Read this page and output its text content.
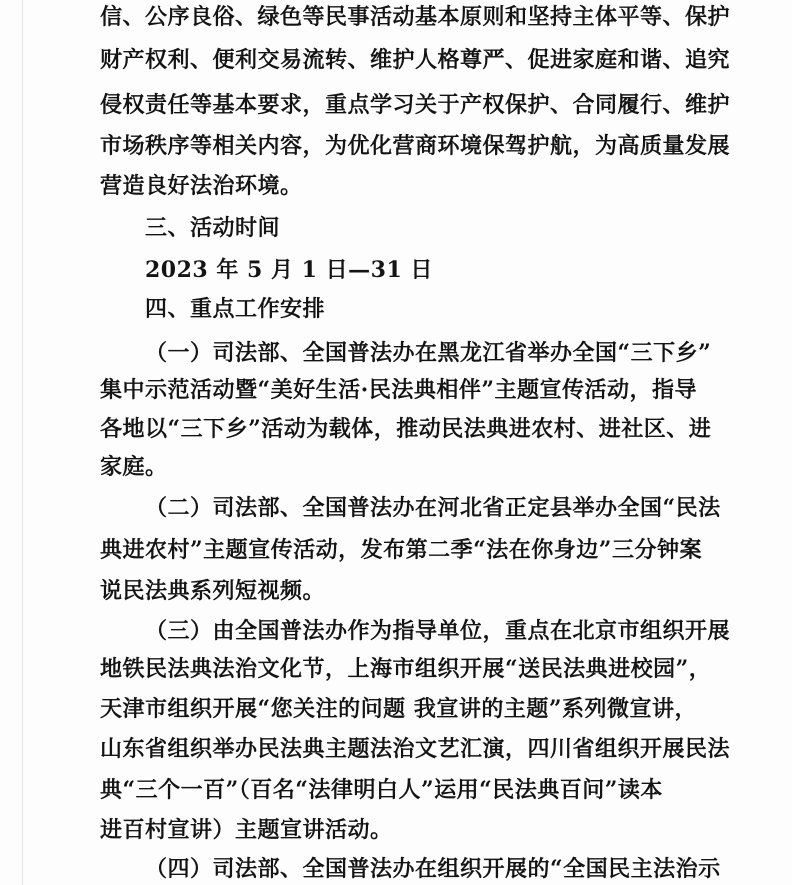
信、公序良俗、绿色等民事活动基本原则和坚持主体平等、保护
财产权利、便利交易流转、维护人格尊严、促进家庭和谐、追究
侵权责任等基本要求，重点学习关于产权保护、合同履行、维护
市场秩序等相关内容，为优化营商环境保驾护航，为高质量发展
营造良好法治环境。
三、活动时间
2023 年 5 月 1 日—31 日
四、重点工作安排
（一）司法部、全国普法办在黑龙江省举办全国“三下乡”
集中示范活动暨“美好生活·民法典相伴”主题宣传活动，指导
各地以“三下乡”活动为载体，推动民法典进农村、进社区、进
家庭。
（二）司法部、全国普法办在河北省正定县举办全国“民法
典进农村”主题宣传活动，发布第二季“法在你身边”三分钟案
说民法典系列短视频。
（三）由全国普法办作为指导单位，重点在北京市组织开展
地铁民法典法治文化节，上海市组织开展“送民法典进校园”，
天津市组织开展“您关注的问题 我宣讲的主题”系列微宣讲，
山东省组织举办民法典主题法治文艺汇演，四川省组织开展民法
典“三个一百”（百名“法律明白人”运用“民法典百问”读本
进百村宣讲）主题宣讲活动。
（四）司法部、全国普法办在组织开展的“全国民主法治示
